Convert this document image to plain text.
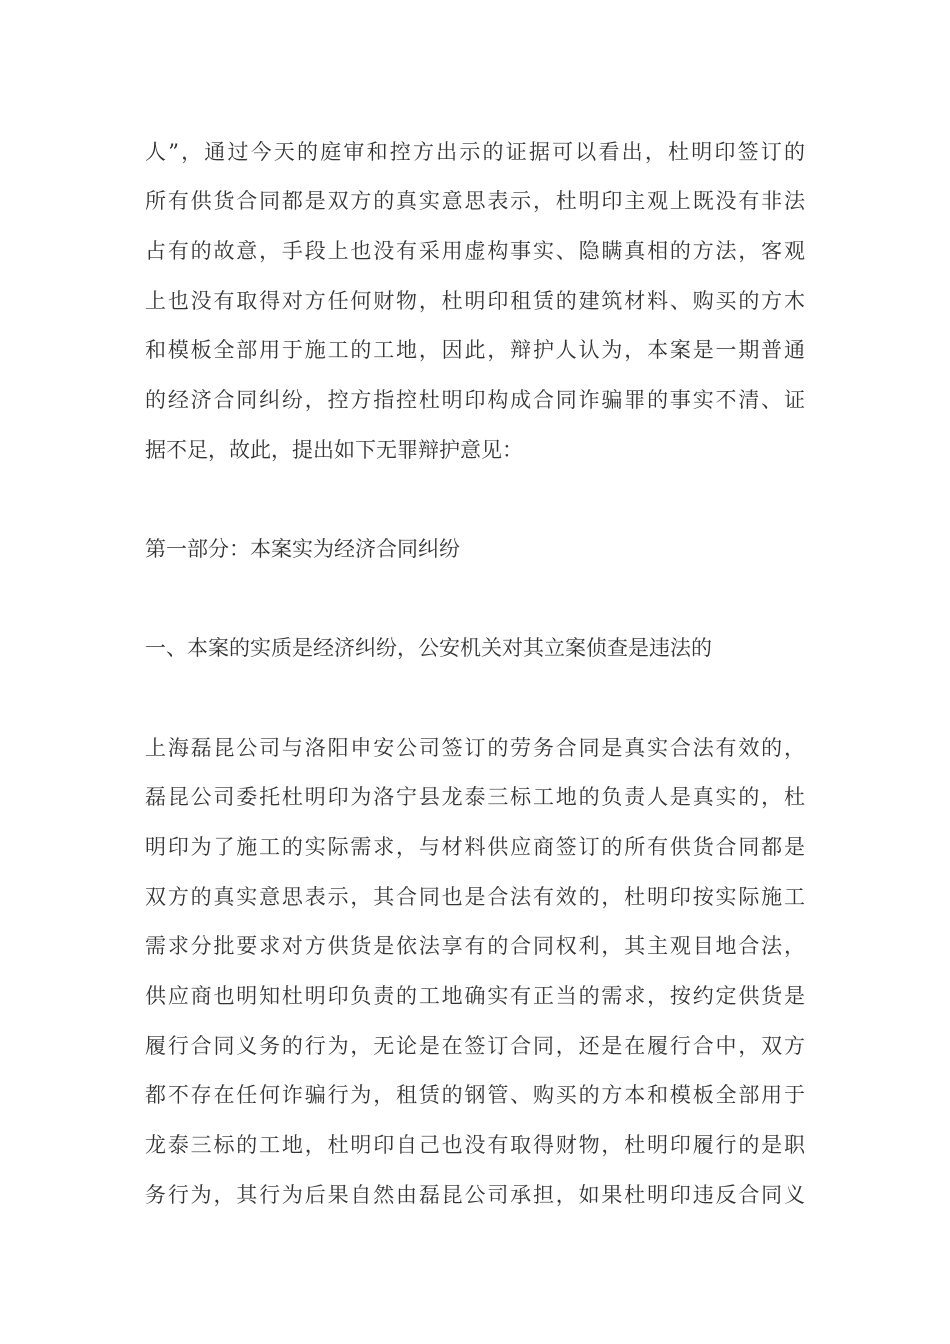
人”，通过今天的庭审和控方出示的证据可以看出，杜明印签订的
所有供货合同都是双方的真实意思表示，杜明印主观上既没有非法
占有的故意，手段上也没有采用虚构事实、隐瞒真相的方法，客观
上也没有取得对方任何财物，杜明印租赁的建筑材料、购买的方木
和模板全部用于施工的工地，因此，辩护人认为，本案是一期普通
的经济合同纠纷，控方指控杜明印构成合同诈骗罪的事实不清、证
据不足，故此，提出如下无罪辩护意见：
第一部分：本案实为经济合同纠纷
一、本案的实质是经济纠纷，公安机关对其立案侦查是违法的
上海磊昆公司与洛阳申安公司签订的劳务合同是真实合法有效的，
磊昆公司委托杜明印为洛宁县龙泰三标工地的负责人是真实的，杜
明印为了施工的实际需求，与材料供应商签订的所有供货合同都是
双方的真实意思表示，其合同也是合法有效的，杜明印按实际施工
需求分批要求对方供货是依法享有的合同权利，其主观目地合法，
供应商也明知杜明印负责的工地确实有正当的需求，按约定供货是
履行合同义务的行为，无论是在签订合同，还是在履行合中，双方
都不存在任何诈骗行为，租赁的钢管、购买的方本和模板全部用于
龙泰三标的工地，杜明印自己也没有取得财物，杜明印履行的是职
务行为，其行为后果自然由磊昆公司承担，如果杜明印违反合同义
